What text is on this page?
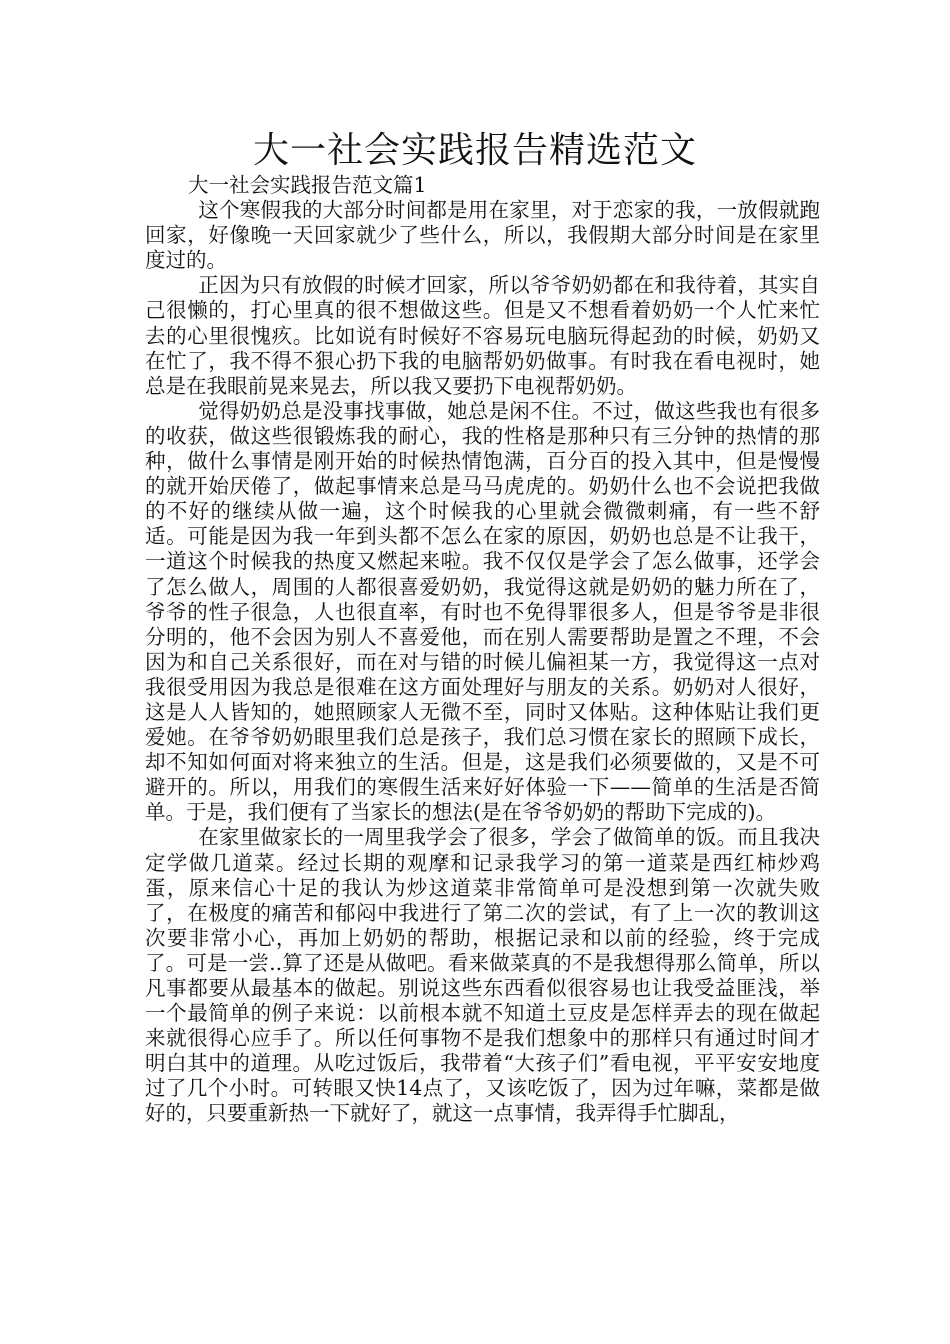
大一社会实践报告精选范文

大一社会实践报告范文篇1

这个寒假我的大部分时间都是用在家里，对于恋家的我，一放假就跑回家，好像晚一天回家就少了些什么，所以，我假期大部分时间是在家里度过的。

正因为只有放假的时候才回家，所以爷爷奶奶都在和我待着，其实自己很懒的，打心里真的很不想做这些。但是又不想看着奶奶一个人忙来忙去的心里很愧疚。比如说有时候好不容易玩电脑玩得起劲的时候，奶奶又在忙了，我不得不狠心扔下我的电脑帮奶奶做事。有时我在看电视时，她总是在我眼前晃来晃去，所以我又要扔下电视帮奶奶。

觉得奶奶总是没事找事做，她总是闲不住。不过，做这些我也有很多的收获，做这些很锻炼我的耐心，我的性格是那种只有三分钟的热情的那种，做什么事情是刚开始的时候热情饱满，百分百的投入其中，但是慢慢的就开始厌倦了，做起事情来总是马马虎虎的。奶奶什么也不会说把我做的不好的继续从做一遍，这个时候我的心里就会微微刺痛，有一些不舒适。可能是因为我一年到头都不怎么在家的原因，奶奶也总是不让我干，一道这个时候我的热度又燃起来啦。我不仅仅是学会了怎么做事，还学会了怎么做人，周围的人都很喜爱奶奶，我觉得这就是奶奶的魅力所在了，爷爷的性子很急，人也很直率，有时也不免得罪很多人，但是爷爷是非很分明的，他不会因为别人不喜爱他，而在别人需要帮助是置之不理，不会因为和自己关系很好，而在对与错的时候儿偏袒某一方，我觉得这一点对我很受用因为我总是很难在这方面处理好与朋友的关系。奶奶对人很好，这是人人皆知的，她照顾家人无微不至，同时又体贴。这种体贴让我们更爱她。在爷爷奶奶眼里我们总是孩子，我们总习惯在家长的照顾下成长，却不知如何面对将来独立的生活。但是，这是我们必须要做的，又是不可避开的。所以，用我们的寒假生活来好好体验一下——简单的生活是否简单。于是，我们便有了当家长的想法(是在爷爷奶奶的帮助下完成的)。

在家里做家长的一周里我学会了很多，学会了做简单的饭。而且我决定学做几道菜。经过长期的观摩和记录我学习的第一道菜是西红柿炒鸡蛋，原来信心十足的我认为炒这道菜非常简单可是没想到第一次就失败了，在极度的痛苦和郁闷中我进行了第二次的尝试，有了上一次的教训这次要非常小心，再加上奶奶的帮助，根据记录和以前的经验，终于完成了。可是一尝..算了还是从做吧。看来做菜真的不是我想得那么简单，所以凡事都要从最基本的做起。别说这些东西看似很容易也让我受益匪浅，举一个最简单的例子来说：以前根本就不知道土豆皮是怎样弄去的现在做起来就很得心应手了。所以任何事物不是我们想象中的那样只有通过时间才明白其中的道理。从吃过饭后，我带着“大孩子们”看电视，平平安安地度过了几个小时。可转眼又快14点了，又该吃饭了，因为过年嘛，菜都是做好的，只要重新热一下就好了，就这一点事情，我弄得手忙脚乱，
